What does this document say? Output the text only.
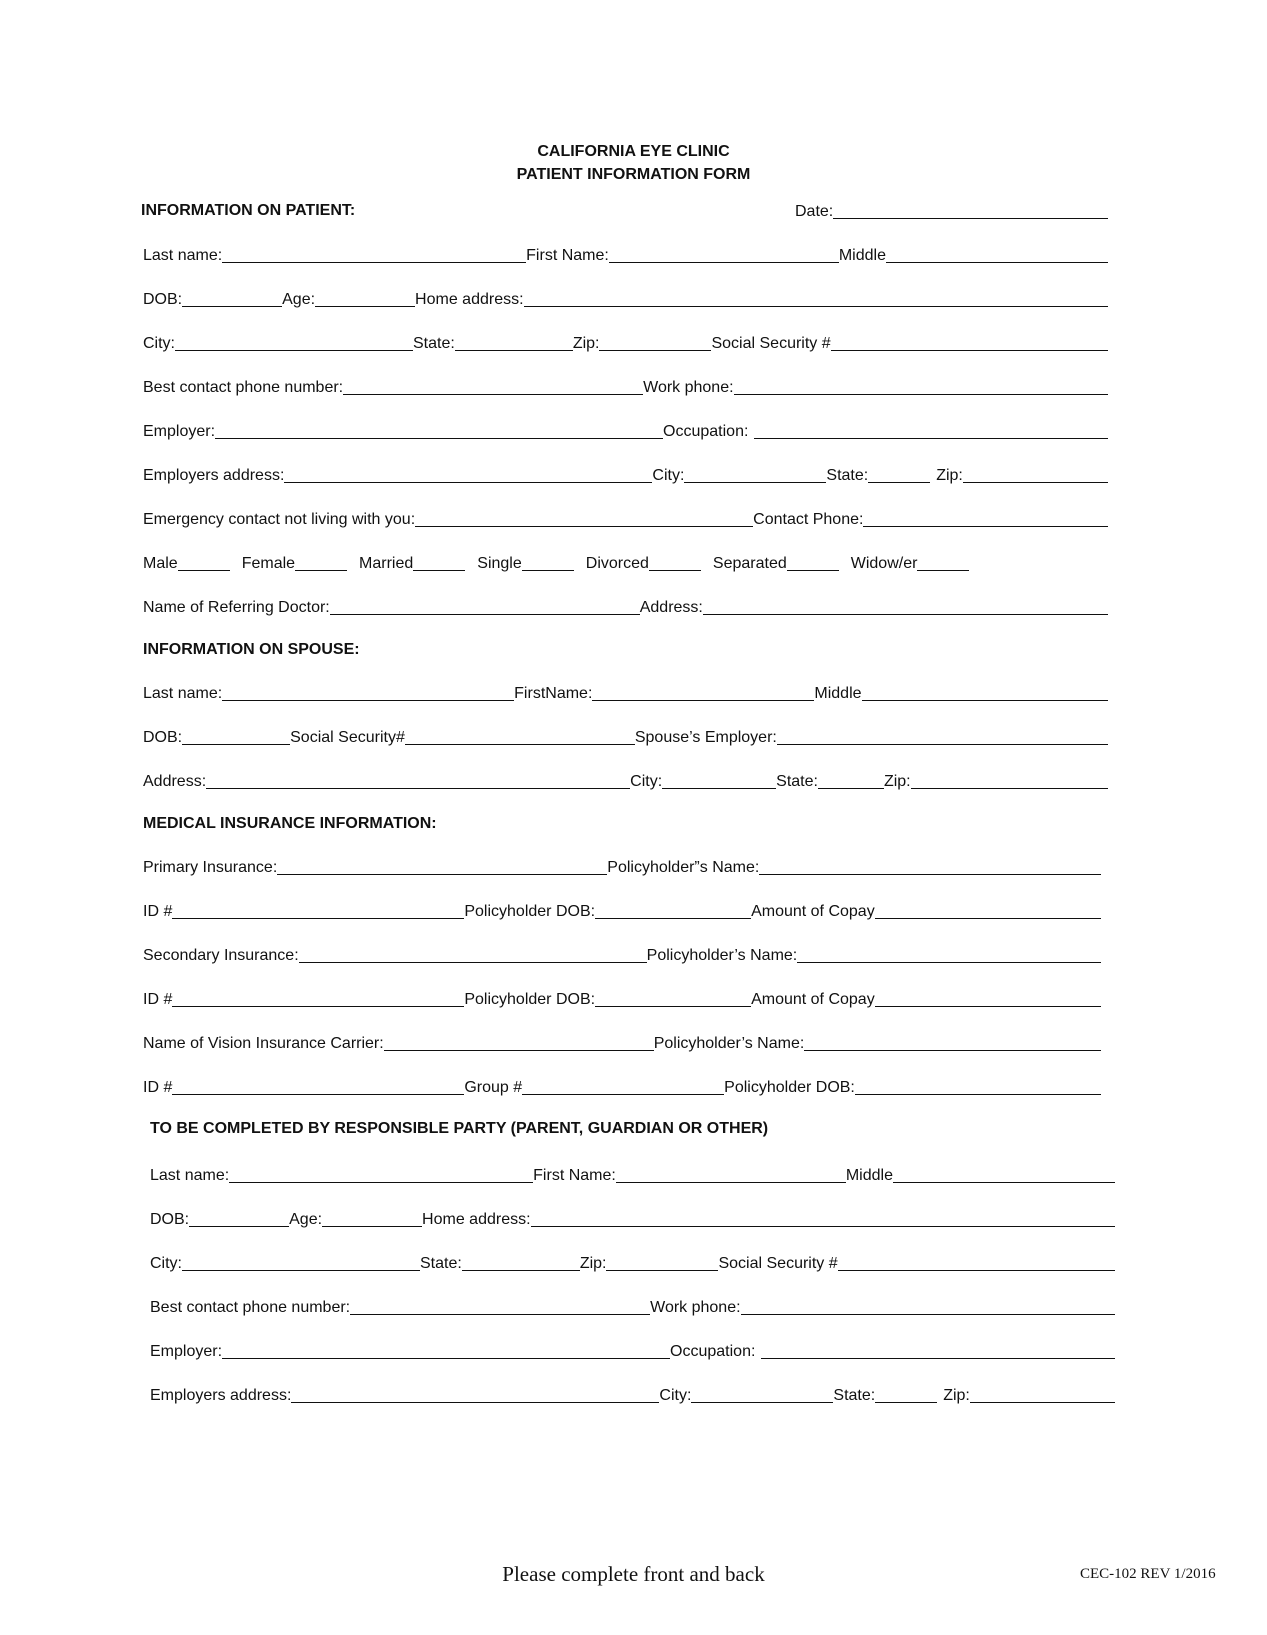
CALIFORNIA EYE CLINIC
PATIENT INFORMATION FORM
INFORMATION ON PATIENT:	Date:
Last name:	First Name:	Middle
DOB:	Age:	Home address:
City:	State:	Zip:	Social Security #
Best contact phone number:	Work phone:
Employer:	Occupation:
Employers address:	City:	State:	Zip:
Emergency contact not living with you:	Contact Phone:
Male	Female	Married	Single	Divorced	Separated	Widow/er
Name of Referring Doctor:	Address:
INFORMATION ON SPOUSE:
Last name:	FirstName:	Middle
DOB:	Social Security#	Spouse’s Employer:
Address:	City:	State:	Zip:
MEDICAL INSURANCE INFORMATION:
Primary Insurance:	Policyholder”s Name:
ID #	Policyholder DOB:	Amount of Copay
Secondary Insurance:	Policyholder’s Name:
ID #	Policyholder DOB:	Amount of Copay
Name of Vision Insurance Carrier:	Policyholder’s Name:
ID #	Group #	Policyholder DOB:
TO BE COMPLETED BY RESPONSIBLE PARTY (PARENT, GUARDIAN OR OTHER)
Last name:	First Name:	Middle
DOB:	Age:	Home address:
City:	State:	Zip:	Social Security #
Best contact phone number:	Work phone:
Employer:	Occupation:
Employers address:	City:	State:	Zip:
Please complete front and back	CEC-102 REV 1/2016
